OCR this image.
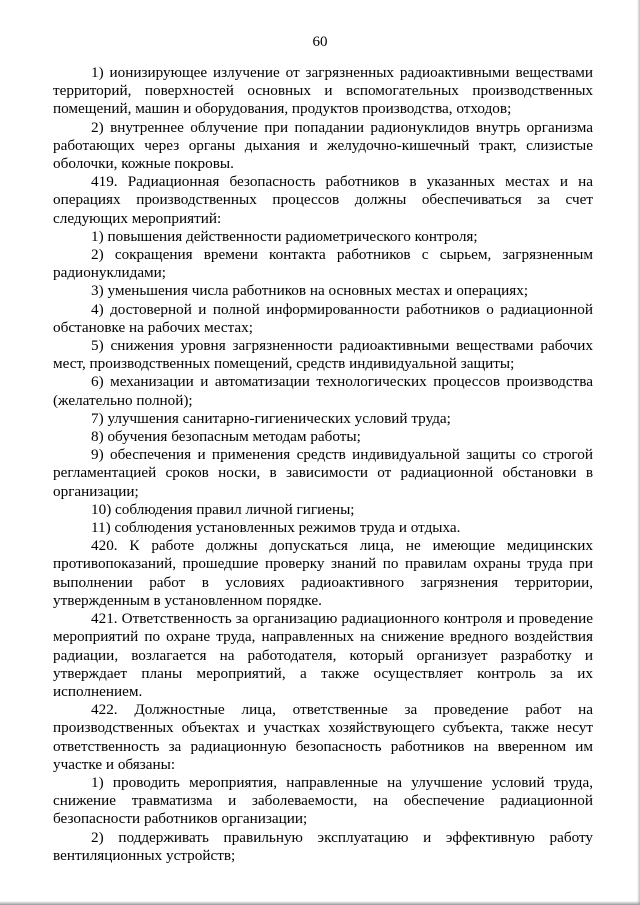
60

1) ионизирующее излучение от загрязненных радиоактивными веществами территорий, поверхностей основных и вспомогательных производственных помещений, машин и оборудования, продуктов производства, отходов;

2) внутреннее облучение при попадании радионуклидов внутрь организма работающих через органы дыхания и желудочно-кишечный тракт, слизистые оболочки, кожные покровы.

419. Радиационная безопасность работников в указанных местах и на операциях производственных процессов должны обеспечиваться за счет следующих мероприятий:

1) повышения действенности радиометрического контроля;

2) сокращения времени контакта работников с сырьем, загрязненным радионуклидами;

3) уменьшения числа работников на основных местах и операциях;

4) достоверной и полной информированности работников о радиационной обстановке на рабочих местах;

5) снижения уровня загрязненности радиоактивными веществами рабочих мест, производственных помещений, средств индивидуальной защиты;

6) механизации и автоматизации технологических процессов производства (желательно полной);

7) улучшения санитарно-гигиенических условий труда;

8) обучения безопасным методам работы;

9) обеспечения и применения средств индивидуальной защиты со строгой регламентацией сроков носки, в зависимости от радиационной обстановки в организации;

10) соблюдения правил личной гигиены;

11) соблюдения установленных режимов труда и отдыха.

420. К работе должны допускаться лица, не имеющие медицинских противопоказаний, прошедшие проверку знаний по правилам охраны труда при выполнении работ в условиях радиоактивного загрязнения территории, утвержденным в установленном порядке.

421. Ответственность за организацию радиационного контроля и проведение мероприятий по охране труда, направленных на снижение вредного воздействия радиации, возлагается на работодателя, который организует разработку и утверждает планы мероприятий, а также осуществляет контроль за их исполнением.

422. Должностные лица, ответственные за проведение работ на производственных объектах и участках хозяйствующего субъекта, также несут ответственность за радиационную безопасность работников на вверенном им участке и обязаны:

1) проводить мероприятия, направленные на улучшение условий труда, снижение травматизма и заболеваемости, на обеспечение радиационной безопасности работников организации;

2) поддерживать правильную эксплуатацию и эффективную работу вентиляционных устройств;
